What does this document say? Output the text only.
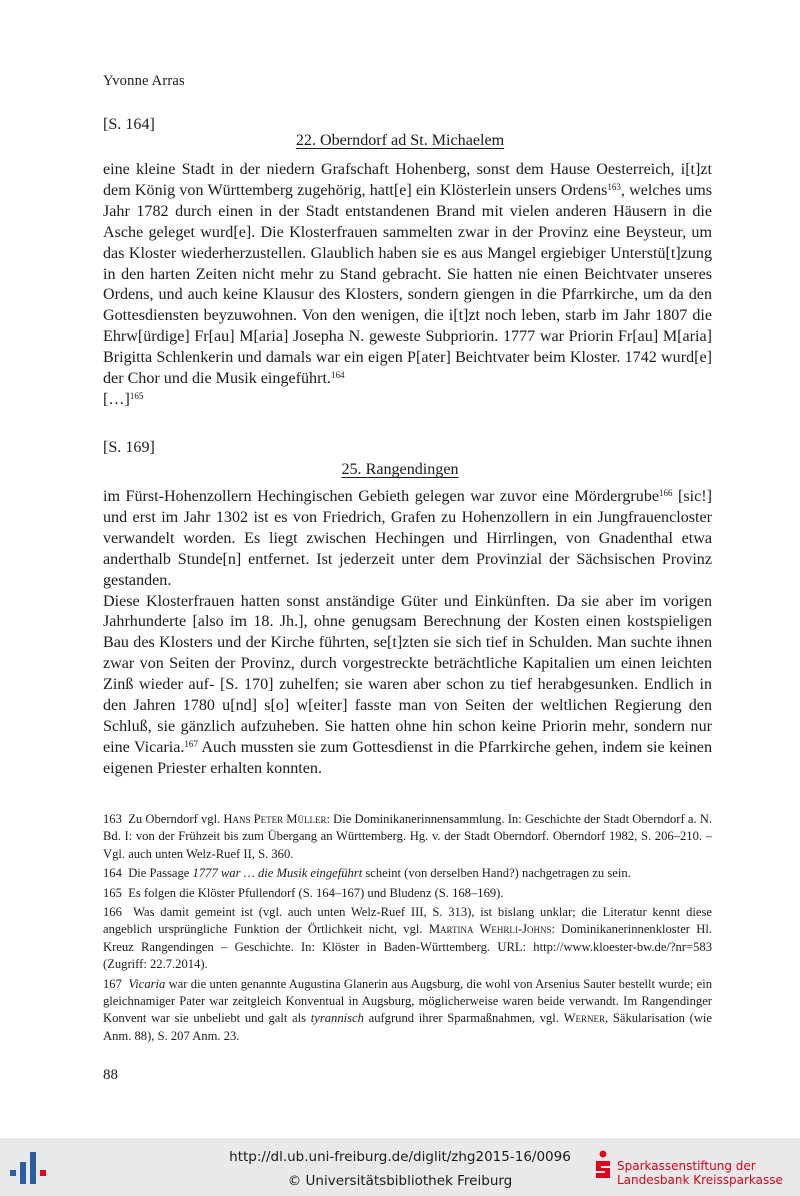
Yvonne Arras
[S. 164]
22. Oberndorf ad St. Michaelem

eine kleine Stadt in der niedern Grafschaft Hohenberg, sonst dem Hause Oesterreich, i[t]zt dem König von Württemberg zugehörig, hatt[e] ein Klösterlein unsers Ordens$^{163}$, welches ums Jahr 1782 durch einen in der Stadt entstandenen Brand mit vielen anderen Häusern in die Asche geleget wurd[e]. Die Klosterfrauen sammelten zwar in der Provinz eine Beysteur, um das Kloster wiederherzustellen. Glaublich haben sie es aus Mangel ergiebiger Unterstü[t]zung in den harten Zeiten nicht mehr zu Stand gebracht. Sie hatten nie einen Beichtvater unseres Ordens, und auch keine Klausur des Klosters, sondern giengen in die Pfarrkirche, um da den Gottesdiensten beyzuwohnen. Von den wenigen, die i[t]zt noch leben, starb im Jahr 1807 die Ehrw[ürdige] Fr[au] M[aria] Josepha N. geweste Subpriorin. 1777 war Priorin Fr[au] M[aria] Brigitta Schlenkerin und damals war ein eigen P[ater] Beichtvater beim Kloster. 1742 wurd[e] der Chor und die Musik eingeführt.$^{164}$

[…]$^{165}$

[S. 169]
25. Rangendingen

im Fürst-Hohenzollern Hechingischen Gebieth gelegen war zuvor eine Mördergrube$^{166}$ [sic!] und erst im Jahr 1302 ist es von Friedrich, Grafen zu Hohenzollern in ein Jungfrauencloster verwandelt worden. Es liegt zwischen Hechingen und Hirrlingen, von Gnadenthal etwa anderthalb Stunde[n] entfernet. Ist jederzeit unter dem Provinzial der Sächsischen Provinz gestanden.

Diese Klosterfrauen hatten sonst anständige Güter und Einkünften. Da sie aber im vorigen Jahrhunderte [also im 18. Jh.], ohne genugsam Berechnung der Kosten einen kostspieligen Bau des Klosters und der Kirche führten, se[t]zten sie sich tief in Schulden. Man suchte ihnen zwar von Seiten der Provinz, durch vorgestreckte beträchtliche Kapitalien um einen leichten Zinß wieder auf- [S. 170] zuhelfen; sie waren aber schon zu tief herabgesunken. Endlich in den Jahren 1780 u[nd] s[o] w[eiter] fasste man von Seiten der weltlichen Regierung den Schluß, sie gänzlich aufzuheben. Sie hatten ohne hin schon keine Priorin mehr, sondern nur eine Vicaria.$^{167}$ Auch mussten sie zum Gottesdienst in die Pfarrkirche gehen, indem sie keinen eigenen Priester erhalten konnten.

163 Zu Oberndorf vgl. Hans Peter Müller: Die Dominikanerinnensammlung. In: Geschichte der Stadt Oberndorf a. N. Bd. I: von der Frühzeit bis zum Übergang an Württemberg. Hg. v. der Stadt Oberndorf. Oberndorf 1982, S. 206–210. – Vgl. auch unten Welz-Ruef II, S. 360.

164 Die Passage 1777 war … die Musik eingeführt scheint (von derselben Hand?) nachgetragen zu sein.

165 Es folgen die Klöster Pfullendorf (S. 164–167) und Bludenz (S. 168–169).

166 Was damit gemeint ist (vgl. auch unten Welz-Ruef III, S. 313), ist bislang unklar; die Literatur kennt diese angeblich ursprüngliche Funktion der Örtlichkeit nicht, vgl. Martina Wehrli-Johns: Dominikanerinnenkloster Hl. Kreuz Rangendingen – Geschichte. In: Klöster in Baden-Württemberg. URL: http://www.kloester-bw.de/?nr=583 (Zugriff: 22.7.2014).

167 Vicaria war die unten genannte Augustina Glanerin aus Augsburg, die wohl von Arsenius Sauter bestellt wurde; ein gleichnamiger Pater war zeitgleich Konventual in Augsburg, möglicherweise waren beide verwandt. Im Rangendinger Konvent war sie unbeliebt und galt als tyrannisch aufgrund ihrer Sparmaßnahmen, vgl. Werner, Säkularisation (wie Anm. 88), S. 207 Anm. 23.

88
http://dl.ub.uni-freiburg.de/diglit/zhg2015-16/0096
© Universitätsbibliothek Freiburg
Sparkassenstiftung der
Landesbank Kreissparkasse
